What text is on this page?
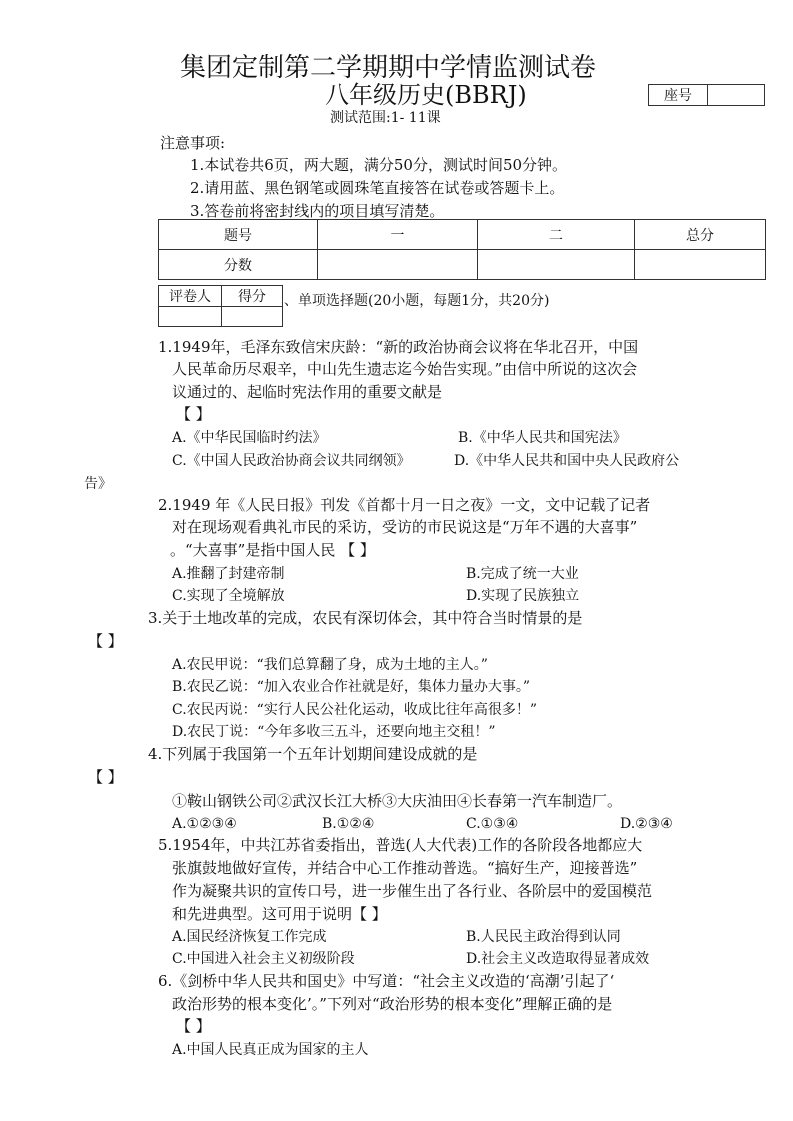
集团定制第二学期期中学情监测试卷
八年级历史(BBRJ)
测试范围:1- 11课
座号	
注意事项:
1.本试卷共6页，两大题，满分50分，测试时间50分钟。
2.请用蓝、黑色钢笔或圆珠笔直接答在试卷或答题卡上。
3.答卷前将密封线内的项目填写清楚。
题号	一	二	总分
分数			
评卷人	得分
	、单项选择题(20小题，每题1分，共20分)
1.1949年，毛泽东致信宋庆龄：“新的政治协商会议将在华北召开，中国
人民革命历尽艰辛，中山先生遗志迄今始告实现。”由信中所说的这次会
议通过的、起临时宪法作用的重要文献是
【 】
A.《中华民国临时约法》	B.《中华人民共和国宪法》
C.《中国人民政治协商会议共同纲领》	D.《中华人民共和国中央人民政府公
告》
2.1949 年《人民日报》刊发《首都十月一日之夜》一文，文中记载了记者
对在现场观看典礼市民的采访，受访的市民说这是“万年不遇的大喜事”
。“大喜事”是指中国人民 【 】
A.推翻了封建帝制	B.完成了统一大业
C.实现了全境解放	D.实现了民族独立
3.关于土地改革的完成，农民有深切体会，其中符合当时情景的是
【 】
A.农民甲说：“我们总算翻了身，成为土地的主人。”
B.农民乙说：“加入农业合作社就是好，集体力量办大事。”
C.农民丙说：“实行人民公社化运动，收成比往年高很多！”
D.农民丁说：“今年多收三五斗，还要向地主交租！”
4.下列属于我国第一个五年计划期间建设成就的是
【 】
①鞍山钢铁公司②武汉长江大桥③大庆油田④长春第一汽车制造厂。
A.①②③④	B.①②④	C.①③④	D.②③④
5.1954年，中共江苏省委指出，普选(人大代表)工作的各阶段各地都应大
张旗鼓地做好宣传，并结合中心工作推动普选。“搞好生产，迎接普选”
作为凝聚共识的宣传口号，进一步催生出了各行业、各阶层中的爱国模范
和先进典型。这可用于说明【 】
A.国民经济恢复工作完成	B.人民民主政治得到认同
C.中国进入社会主义初级阶段	D.社会主义改造取得显著成效
6.《剑桥中华人民共和国史》中写道：“社会主义改造的‘高潮’引起了‘
政治形势的根本变化’。”下列对“政治形势的根本变化”理解正确的是
【 】
A.中国人民真正成为国家的主人
